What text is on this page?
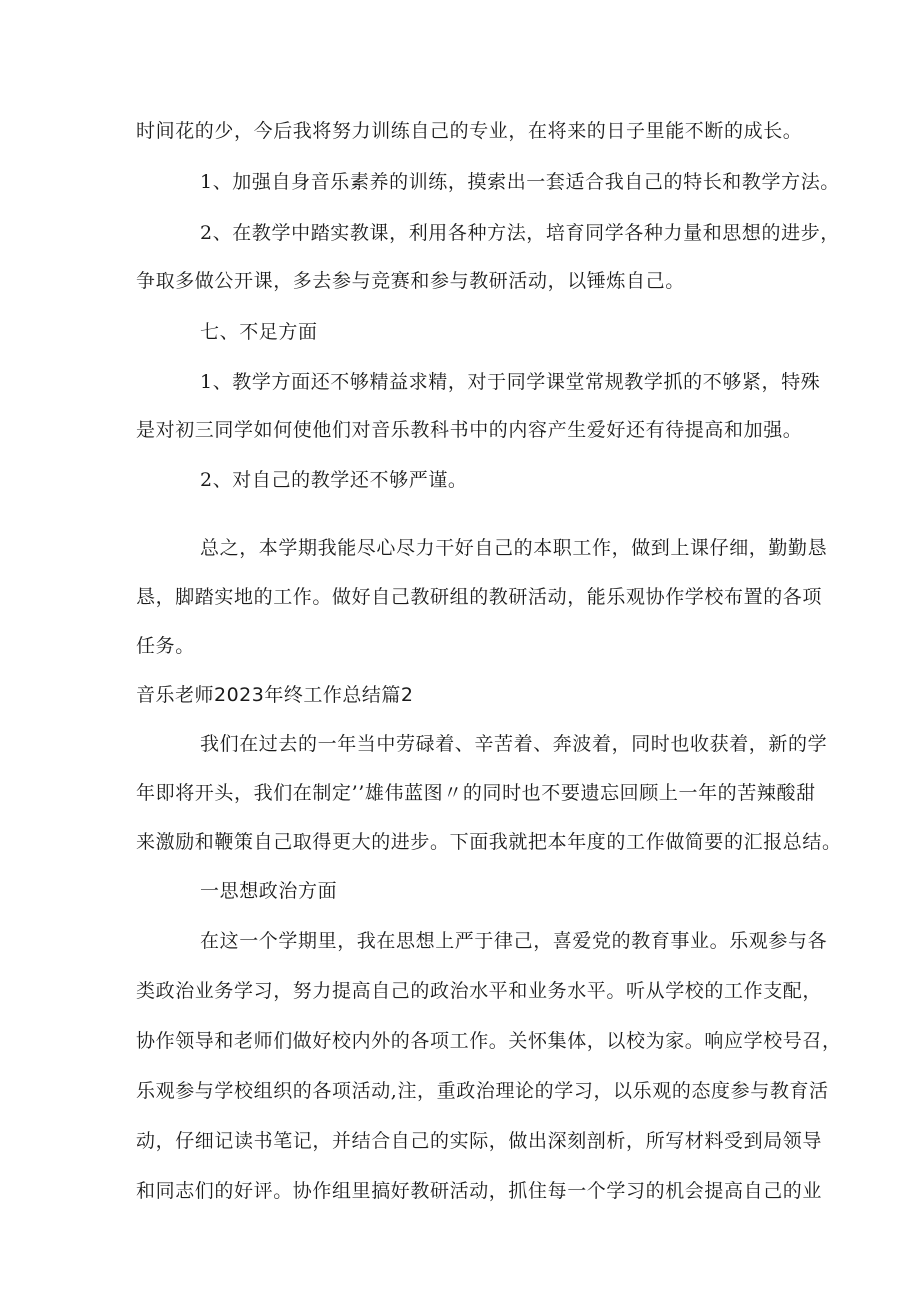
时间花的少，今后我将努力训练自己的专业，在将来的日子里能不断的成长。
1、加强自身音乐素养的训练，摸索出一套适合我自己的特长和教学方法。
2、在教学中踏实教课，利用各种方法，培育同学各种力量和思想的进步，
争取多做公开课，多去参与竞赛和参与教研活动，以锤炼自己。
七、不足方面
1、教学方面还不够精益求精，对于同学课堂常规教学抓的不够紧，特殊
是对初三同学如何使他们对音乐教科书中的内容产生爱好还有待提高和加强。
2、对自己的教学还不够严谨。
总之，本学期我能尽心尽力干好自己的本职工作，做到上课仔细，勤勤恳
恳，脚踏实地的工作。做好自己教研组的教研活动，能乐观协作学校布置的各项
任务。
音乐老师2023年终工作总结篇2
我们在过去的一年当中劳碌着、辛苦着、奔波着，同时也收获着，新的学
年即将开头，我们在制定’’雄伟蓝图〃的同时也不要遗忘回顾上一年的苦辣酸甜
来激励和鞭策自己取得更大的进步。下面我就把本年度的工作做简要的汇报总结。
一思想政治方面
在这一个学期里，我在思想上严于律己，喜爱党的教育事业。乐观参与各
类政治业务学习，努力提高自己的政治水平和业务水平。听从学校的工作支配，
协作领导和老师们做好校内外的各项工作。关怀集体，以校为家。响应学校号召，
乐观参与学校组织的各项活动,注，重政治理论的学习，以乐观的态度参与教育活
动，仔细记读书笔记，并结合自己的实际，做出深刻剖析，所写材料受到局领导
和同志们的好评。协作组里搞好教研活动，抓住每一个学习的机会提高自己的业
